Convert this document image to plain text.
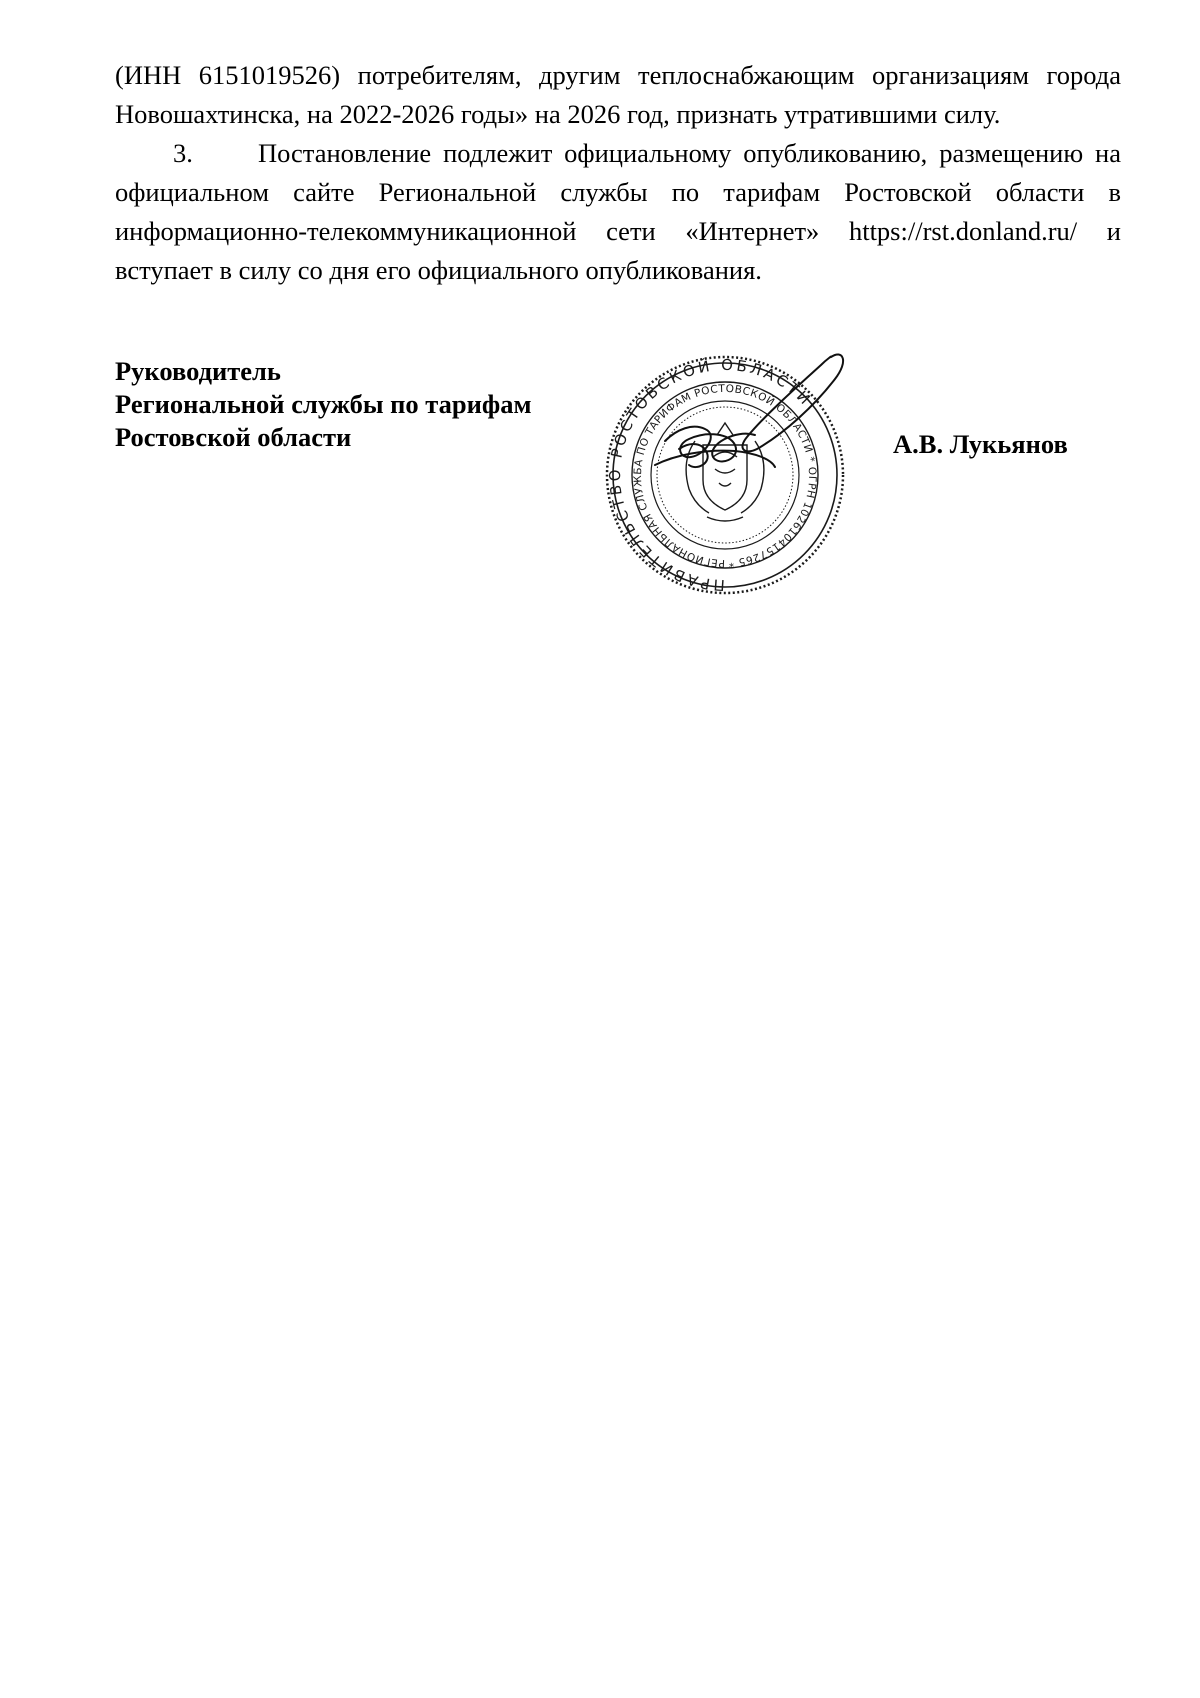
(ИНН 6151019526) потребителям, другим теплоснабжающим организациям города Новошахтинска, на 2022-2026 годы» на 2026 год, признать утратившими силу.

3. Постановление подлежит официальному опубликованию, размещению на официальном сайте Региональной службы по тарифам Ростовской области в информационно-телекоммуникационной сети «Интернет» https://rst.donland.ru/ и вступает в силу со дня его официального опубликования.

Руководитель
Региональной службы по тарифам
Ростовской области	А.В. Лукьянов
ПРАВИТЕЛЬСТВО РОСТОВСКОЙ ОБЛАСТИ
РЕГИОНАЛЬНАЯ СЛУЖБА ПО ТАРИФАМ РОСТОВСКОЙ ОБЛАСТИ * ОГРН 1026104157265 *
